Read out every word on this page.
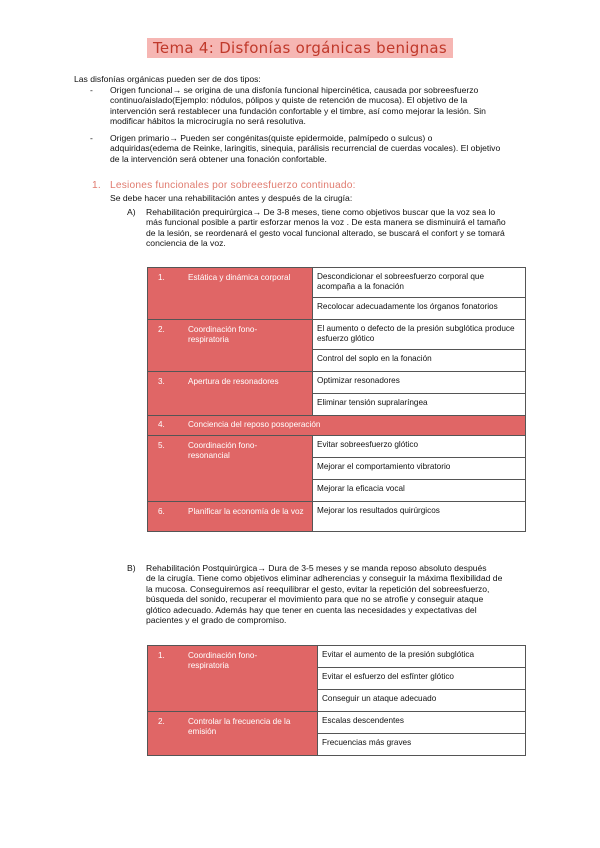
Tema 4: Disfonías orgánicas benignas
Las disfonías orgánicas pueden ser de dos tipos:
- Origen funcional→ se origina de una disfonía funcional hipercinética, causada por sobreesfuerzo
continuo/aislado(Ejemplo: nódulos, pólipos y quiste de retención de mucosa). El objetivo de la
intervención será restablecer una fundación confortable y el timbre, así como mejorar la lesión. Sin
modificar hábitos la microcirugía no será resolutiva.
- Origen primario→ Pueden ser congénitas(quiste epidermoide, palmípedo o sulcus) o
adquiridas(edema de Reinke, laringitis, sinequia, parálisis recurrencial de cuerdas vocales). El objetivo
de la intervención será obtener una fonación confortable.
1. Lesiones funcionales por sobreesfuerzo continuado:
Se debe hacer una rehabilitación antes y después de la cirugía:
A) Rehabilitación prequirúrgica→ De 3-8 meses, tiene como objetivos buscar que la voz sea lo
más funcional posible a partir esforzar menos la voz . De esta manera se disminuirá el tamaño
de la lesión, se reordenará el gesto vocal funcional alterado, se buscará el confort y se tomará
conciencia de la voz.
1. Estática y dinámica corporal	Descondicionar el sobreesfuerzo corporal que acompaña a la fonación

	Recolocar adecuadamente los órganos fonatorios

2. Coordinación fono-respiratoria	El aumento o defecto de la presión subglótica produce esfuerzo glótico

	Control del soplo en la fonación

3. Apertura de resonadores	Optimizar resonadores

	Eliminar tensión supralaríngea

4. Conciencia del reposo posoperación	

5. Coordinación fono-resonancial	Evitar sobreesfuerzo glótico

	Mejorar el comportamiento vibratorio

	Mejorar la eficacia vocal

6. Planificar la economía de la voz	Mejorar los resultados quirúrgicos
B) Rehabilitación Postquirúrgica→ Dura de 3-5 meses y se manda reposo absoluto después
de la cirugía. Tiene como objetivos eliminar adherencias y conseguir la máxima flexibilidad de
la mucosa. Conseguiremos así reequilibrar el gesto, evitar la repetición del sobreesfuerzo,
búsqueda del sonido, recuperar el movimiento para que no se atrofie y conseguir ataque
glótico adecuado. Además hay que tener en cuenta las necesidades y expectativas del
pacientes y el grado de compromiso.
1. Coordinación fono-respiratoria	Evitar el aumento de la presión subglótica

	Evitar el esfuerzo del esfínter glótico

	Conseguir un ataque adecuado

2. Controlar la frecuencia de la emisión	Escalas descendentes

	Frecuencias más graves
